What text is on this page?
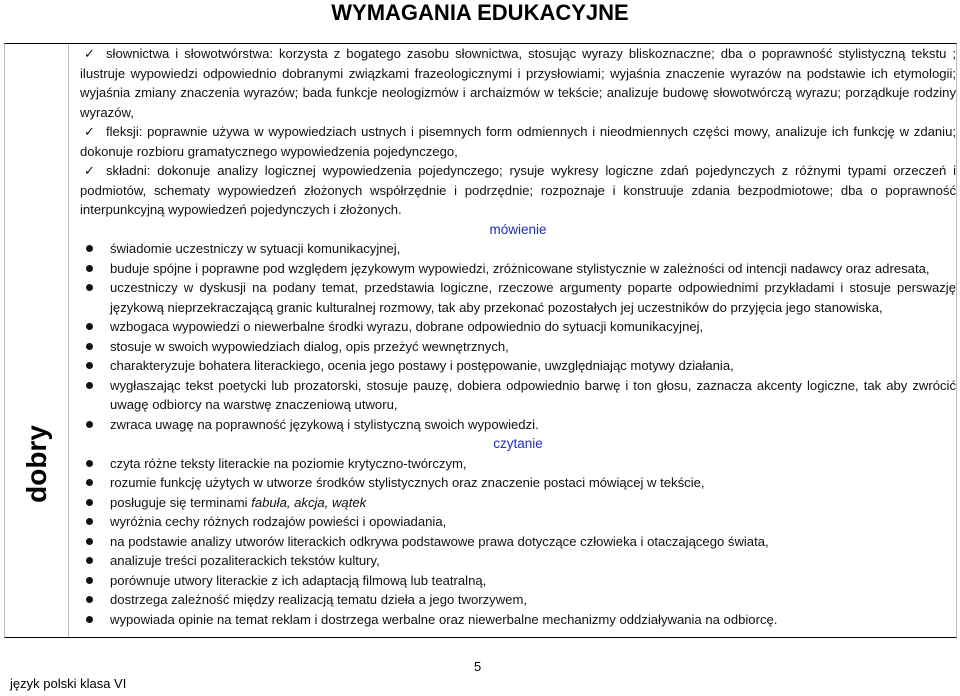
WYMAGANIA EDUKACYJNE
dobry

✓ słownictwa i słowotwórstwa: korzysta z bogatego zasobu słownictwa, stosując wyrazy bliskoznaczne; dba o poprawność stylistyczną tekstu ; ilustruje wypowiedzi odpowiednio dobranymi związkami frazeologicznymi i przysłowiami; wyjaśnia znaczenie wyrazów na podstawie ich etymologii; wyjaśnia zmiany znaczenia wyrazów; bada funkcje neologizmów i archaizmów w tekście; analizuje budowę słowotwórczą wyrazu; porządkuje rodziny wyrazów,

✓ fleksji: poprawnie używa w wypowiedziach ustnych i pisemnych form odmiennych i nieodmiennych części mowy, analizuje ich funkcję w zdaniu; dokonuje rozbioru gramatycznego wypowiedzenia pojedynczego,

✓ składni: dokonuje analizy logicznej wypowiedzenia pojedynczego; rysuje wykresy logiczne zdań pojedynczych z różnymi typami orzeczeń i podmiotów, schematy wypowiedzeń złożonych współrzędnie i podrzędnie; rozpoznaje i konstruuje zdania bezpodmiotowe; dba o poprawność interpunkcyjną wypowiedzeń pojedynczych i złożonych.

mówienie
świadomie uczestniczy w sytuacji komunikacyjnej,
buduje spójne i poprawne pod względem językowym wypowiedzi, zróżnicowane stylistycznie w zależności od intencji nadawcy oraz adresata,
uczestniczy w dyskusji na podany temat, przedstawia logiczne, rzeczowe argumenty poparte odpowiednimi przykładami i stosuje perswazję językową nieprzekraczającą granic kulturalnej rozmowy, tak aby przekonać pozostałych jej uczestników do przyjęcia jego stanowiska,
wzbogaca wypowiedzi o niewerbalne środki wyrazu, dobrane odpowiednio do sytuacji komunikacyjnej,
stosuje w swoich wypowiedziach dialog, opis przeżyć wewnętrznych,
charakteryzuje bohatera literackiego, ocenia jego postawy i postępowanie, uwzględniając motywy działania,
wygłaszając tekst poetycki lub prozatorski, stosuje pauzę, dobiera odpowiednio barwę i ton głosu, zaznacza akcenty logiczne, tak aby zwrócić uwagę odbiorcy na warstwę znaczeniową utworu,
zwraca uwagę na poprawność językową i stylistyczną swoich wypowiedzi.
czytanie
czyta różne teksty literackie na poziomie krytyczno-twórczym,
rozumie funkcję użytych w utworze środków stylistycznych oraz znaczenie postaci mówiącej w tekście,
posługuje się terminami fabuła, akcja, wątek
wyróżnia cechy różnych rodzajów powieści i opowiadania,
na podstawie analizy utworów literackich odkrywa podstawowe prawa dotyczące człowieka i otaczającego świata,
analizuje treści pozaliterackich tekstów kultury,
porównuje utwory literackie z ich adaptacją filmową lub teatralną,
dostrzega zależność między realizacją tematu dzieła a jego tworzywem,
wypowiada opinie na temat reklam i dostrzega werbalne oraz niewerbalne mechanizmy oddziaływania na odbiorcę.
5
język polski klasa VI
